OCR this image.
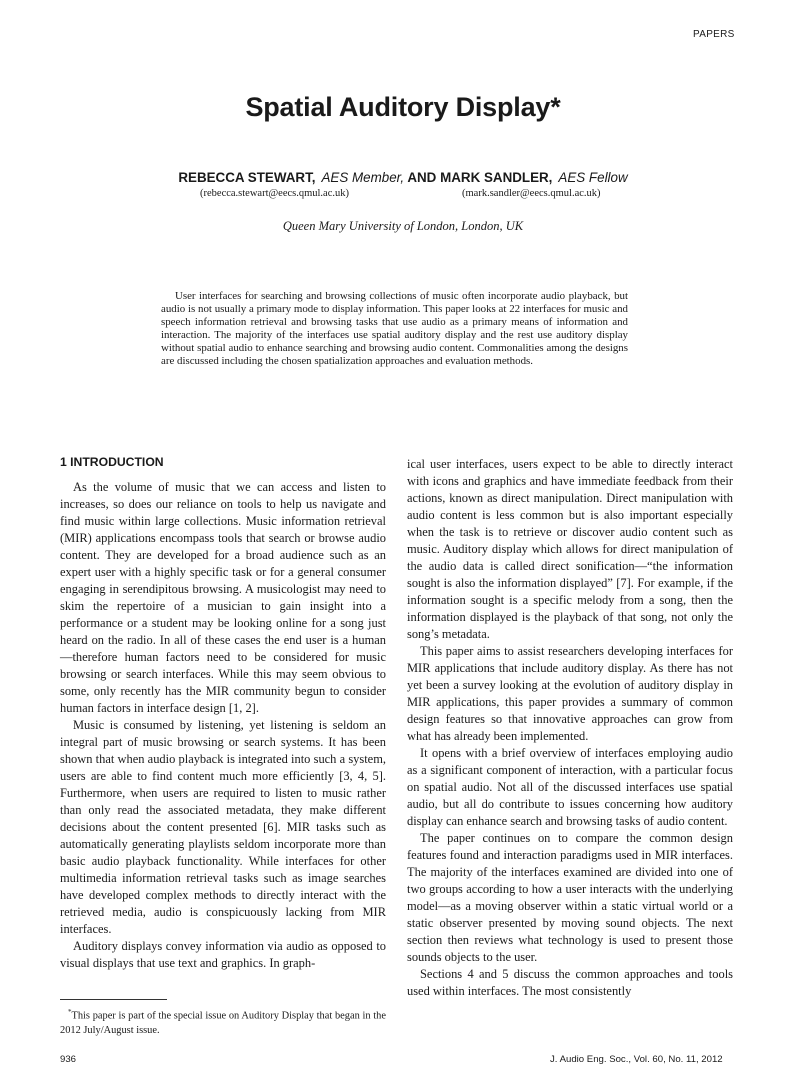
PAPERS
Spatial Auditory Display*
REBECCA STEWART, AES Member, AND MARK SANDLER, AES Fellow
(rebecca.stewart@eecs.qmul.ac.uk)	(mark.sandler@eecs.qmul.ac.uk)
Queen Mary University of London, London, UK

User interfaces for searching and browsing collections of music often incorporate audio playback, but audio is not usually a primary mode to display information. This paper looks at 22 interfaces for music and speech information retrieval and browsing tasks that use audio as a primary means of information and interaction. The majority of the interfaces use spatial auditory display and the rest use auditory display without spatial audio to enhance searching and browsing audio content. Commonalities among the designs are discussed including the chosen spatialization approaches and evaluation methods.

1 INTRODUCTION

As the volume of music that we can access and listen to increases, so does our reliance on tools to help us navigate and find music within large collections. Music information retrieval (MIR) applications encompass tools that search or browse audio content. They are developed for a broad audience such as an expert user with a highly specific task or for a general consumer engaging in serendipitous browsing. A musicologist may need to skim the repertoire of a musician to gain insight into a performance or a student may be looking online for a song just heard on the radio. In all of these cases the end user is a human—therefore human factors need to be considered for music browsing or search interfaces. While this may seem obvious to some, only recently has the MIR community begun to consider human factors in interface design [1, 2].

Music is consumed by listening, yet listening is seldom an integral part of music browsing or search systems. It has been shown that when audio playback is integrated into such a system, users are able to find content much more efficiently [3, 4, 5]. Furthermore, when users are required to listen to music rather than only read the associated metadata, they make different decisions about the content presented [6]. MIR tasks such as automatically generating playlists seldom incorporate more than basic audio playback functionality. While interfaces for other multimedia information retrieval tasks such as image searches have developed complex methods to directly interact with the retrieved media, audio is conspicuously lacking from MIR interfaces.

Auditory displays convey information via audio as opposed to visual displays that use text and graphics. In graph-

ical user interfaces, users expect to be able to directly interact with icons and graphics and have immediate feedback from their actions, known as direct manipulation. Direct manipulation with audio content is less common but is also important especially when the task is to retrieve or discover audio content such as music. Auditory display which allows for direct manipulation of the audio data is called direct sonification—“the information sought is also the information displayed” [7]. For example, if the information sought is a specific melody from a song, then the information displayed is the playback of that song, not only the song’s metadata.

This paper aims to assist researchers developing interfaces for MIR applications that include auditory display. As there has not yet been a survey looking at the evolution of auditory display in MIR applications, this paper provides a summary of common design features so that innovative approaches can grow from what has already been implemented.

It opens with a brief overview of interfaces employing audio as a significant component of interaction, with a particular focus on spatial audio. Not all of the discussed interfaces use spatial audio, but all do contribute to issues concerning how auditory display can enhance search and browsing tasks of audio content.

The paper continues on to compare the common design features found and interaction paradigms used in MIR interfaces. The majority of the interfaces examined are divided into one of two groups according to how a user interacts with the underlying model—as a moving observer within a static virtual world or a static observer presented by moving sound objects. The next section then reviews what technology is used to present those sounds objects to the user.

Sections 4 and 5 discuss the common approaches and tools used within interfaces. The most consistently

*This paper is part of the special issue on Auditory Display that began in the 2012 July/August issue.
936	J. Audio Eng. Soc., Vol. 60, No. 11, 2012
